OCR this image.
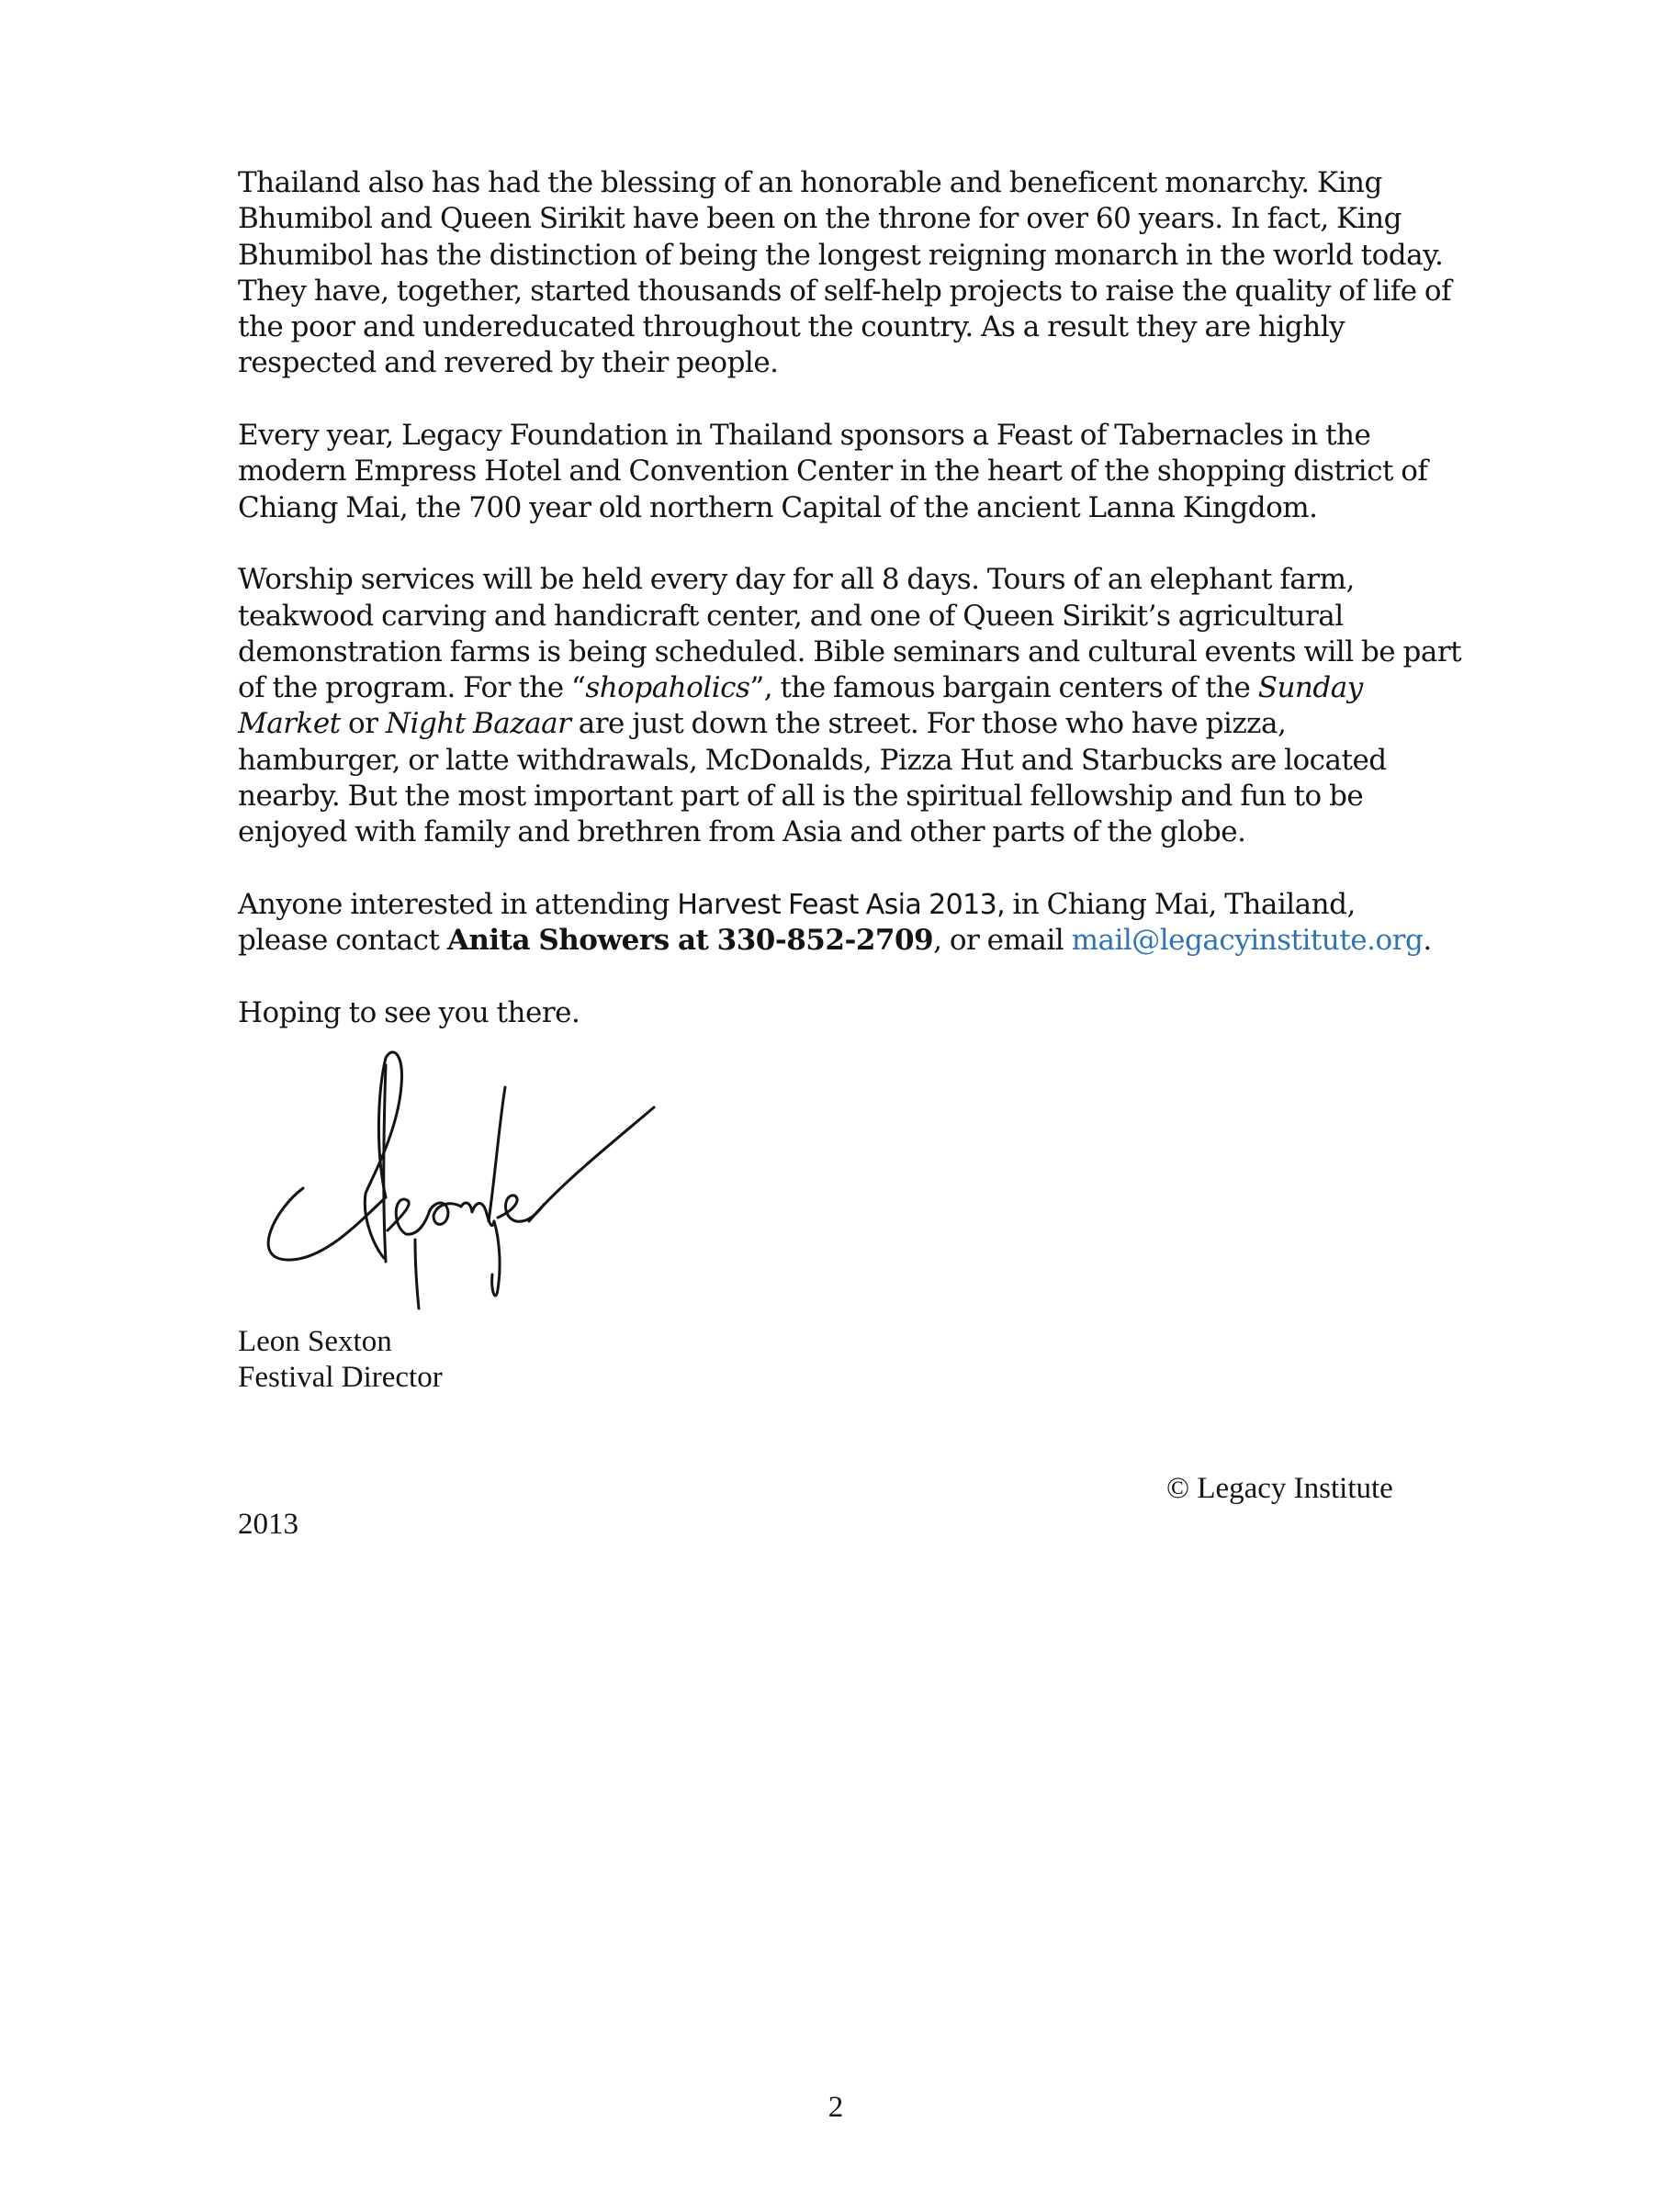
Thailand also has had the blessing of an honorable and beneficent monarchy. King
Bhumibol and Queen Sirikit have been on the throne for over 60 years. In fact, King
Bhumibol has the distinction of being the longest reigning monarch in the world today.
They have, together, started thousands of self-help projects to raise the quality of life of
the poor and undereducated throughout the country. As a result they are highly
respected and revered by their people.

Every year, Legacy Foundation in Thailand sponsors a Feast of Tabernacles in the
modern Empress Hotel and Convention Center in the heart of the shopping district of
Chiang Mai, the 700 year old northern Capital of the ancient Lanna Kingdom.

Worship services will be held every day for all 8 days. Tours of an elephant farm,
teakwood carving and handicraft center, and one of Queen Sirikit’s agricultural
demonstration farms is being scheduled. Bible seminars and cultural events will be part
of the program. For the “shopaholics”, the famous bargain centers of the Sunday
Market or Night Bazaar are just down the street. For those who have pizza,
hamburger, or latte withdrawals, McDonalds, Pizza Hut and Starbucks are located
nearby. But the most important part of all is the spiritual fellowship and fun to be
enjoyed with family and brethren from Asia and other parts of the globe.

Anyone interested in attending Harvest Feast Asia 2013, in Chiang Mai, Thailand,
please contact Anita Showers at 330-852-2709, or email mail@legacyinstitute.org.

Hoping to see you there.

Leon Sexton
Festival Director
© Legacy Institute
2013
2
